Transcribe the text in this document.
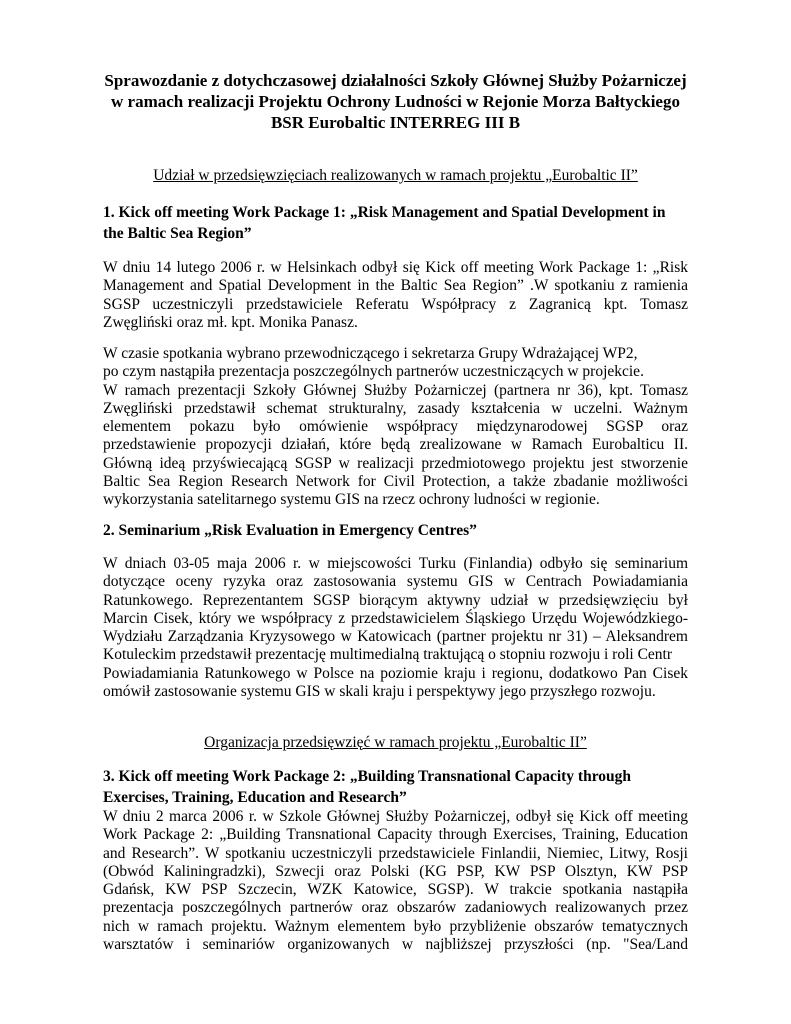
Sprawozdanie z dotychczasowej działalności Szkoły Głównej Służby Pożarniczej
w ramach realizacji Projektu Ochrony Ludności w Rejonie Morza Bałtyckiego
BSR Eurobaltic INTERREG III B

Udział w przedsięwzięciach realizowanych w ramach projektu „Eurobaltic II”

1. Kick off meeting Work Package 1: „Risk Management and Spatial Development in
the Baltic Sea Region”

W dniu 14 lutego 2006 r. w Helsinkach odbył się Kick off meeting Work Package 1: „Risk
Management and Spatial Development in the Baltic Sea Region” .W spotkaniu z ramienia
SGSP uczestniczyli przedstawiciele Referatu Współpracy z Zagranicą kpt. Tomasz
Zwęgliński oraz mł. kpt. Monika Panasz.

W czasie spotkania wybrano przewodniczącego i sekretarza Grupy Wdrażającej WP2,
po czym nastąpiła prezentacja poszczególnych partnerów uczestniczących w projekcie.
W ramach prezentacji Szkoły Głównej Służby Pożarniczej (partnera nr 36), kpt. Tomasz
Zwęgliński przedstawił schemat strukturalny, zasady kształcenia w uczelni. Ważnym
elementem pokazu było omówienie współpracy międzynarodowej SGSP oraz
przedstawienie propozycji działań, które będą zrealizowane w Ramach Eurobalticu II.
Główną ideą przyświecającą SGSP w realizacji przedmiotowego projektu jest stworzenie
Baltic Sea Region Research Network for Civil Protection, a także zbadanie możliwości
wykorzystania satelitarnego systemu GIS na rzecz ochrony ludności w regionie.

2. Seminarium „Risk Evaluation in Emergency Centres”

W dniach 03-05 maja 2006 r. w miejscowości Turku (Finlandia) odbyło się seminarium
dotyczące oceny ryzyka oraz zastosowania systemu GIS w Centrach Powiadamiania
Ratunkowego. Reprezentantem SGSP biorącym aktywny udział w przedsięwzięciu był
Marcin Cisek, który we współpracy z przedstawicielem Śląskiego Urzędu Wojewódzkiego-
Wydziału Zarządzania Kryzysowego w Katowicach (partner projektu nr 31) – Aleksandrem
Kotuleckim przedstawił prezentację multimedialną traktującą o stopniu rozwoju i roli Centr
Powiadamiania Ratunkowego w Polsce na poziomie kraju i regionu, dodatkowo Pan Cisek
omówił zastosowanie systemu GIS w skali kraju i perspektywy jego przyszłego rozwoju.

Organizacja przedsięwzięć w ramach projektu „Eurobaltic II”

3. Kick off meeting Work Package 2: „Building Transnational Capacity through
Exercises, Training, Education and Research”

W dniu 2 marca 2006 r. w Szkole Głównej Służby Pożarniczej, odbył się Kick off meeting
Work Package 2: „Building Transnational Capacity through Exercises, Training, Education
and Research”. W spotkaniu uczestniczyli przedstawiciele Finlandii, Niemiec, Litwy, Rosji
(Obwód Kaliningradzki), Szwecji oraz Polski (KG PSP, KW PSP Olsztyn, KW PSP
Gdańsk, KW PSP Szczecin, WZK Katowice, SGSP). W trakcie spotkania nastąpiła
prezentacja poszczególnych partnerów oraz obszarów zadaniowych realizowanych przez
nich w ramach projektu. Ważnym elementem było przybliżenie obszarów tematycznych
warsztatów i seminariów organizowanych w najbliższej przyszłości (np. "Sea/Land
